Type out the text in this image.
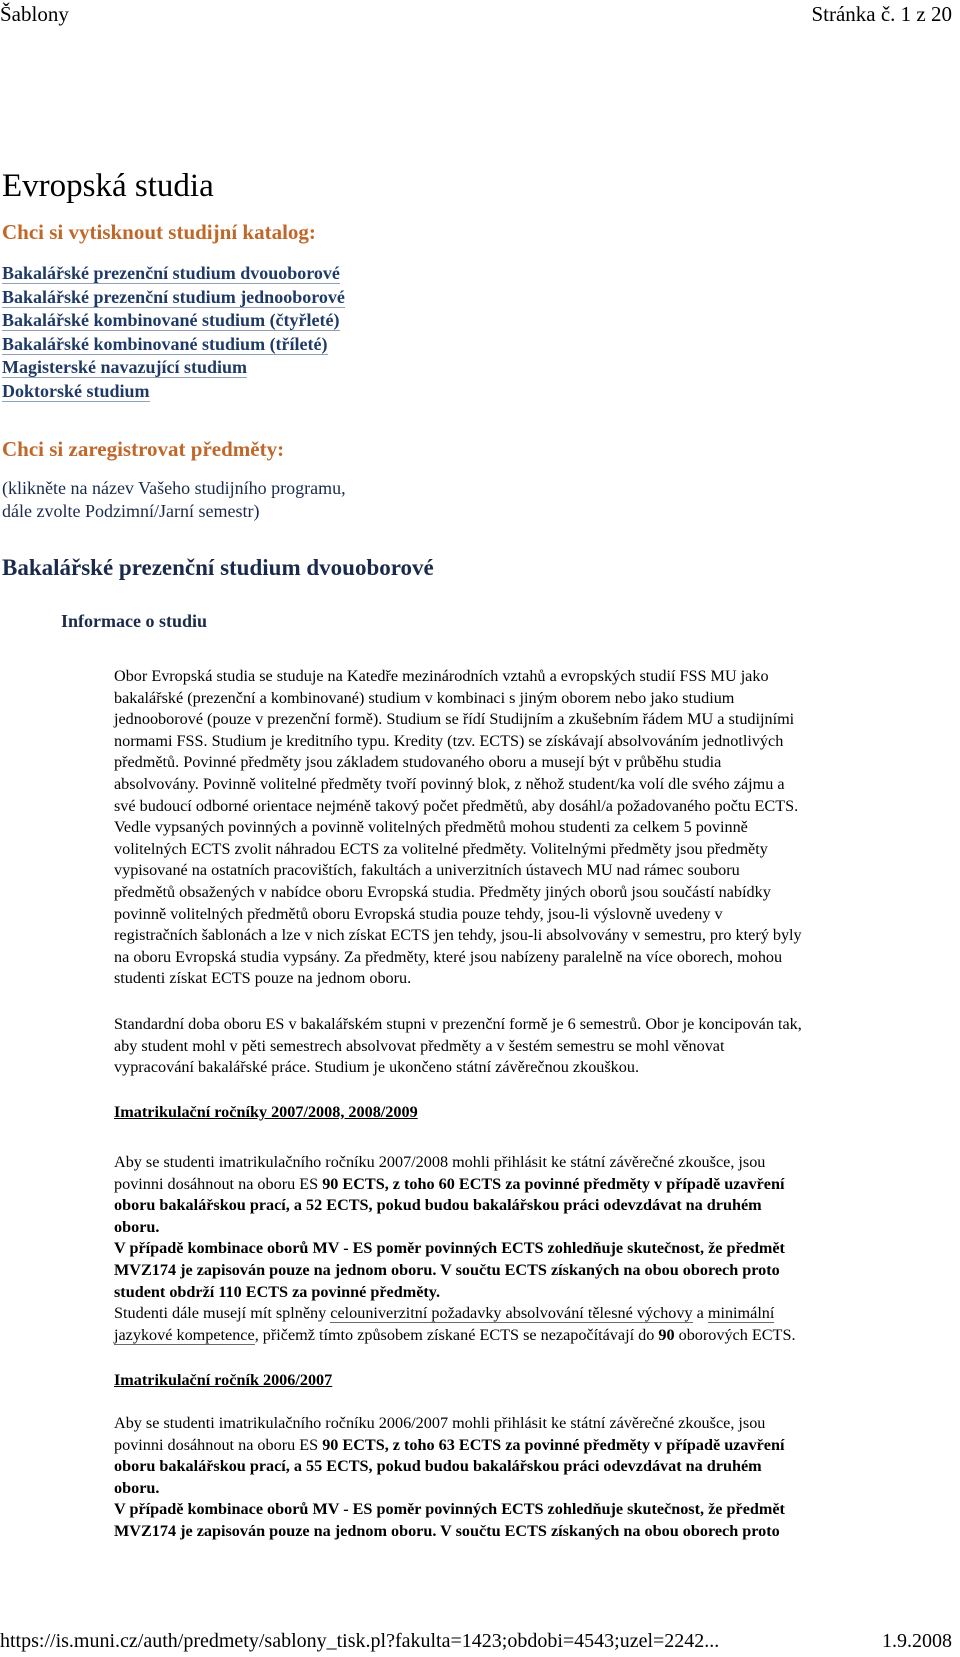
Šablony	Stránka č. 1 z 20
Evropská studia
Chci si vytisknout studijní katalog:
Bakalářské prezenční studium dvouoborové
Bakalářské prezenční studium jednooborové
Bakalářské kombinované studium (čtyřleté)
Bakalářské kombinované studium (tříleté)
Magisterské navazující studium
Doktorské studium
Chci si zaregistrovat předměty:
(klikněte na název Vašeho studijního programu,
dále zvolte Podzimní/Jarní semestr)
Bakalářské prezenční studium dvouoborové
Informace o studiu
Obor Evropská studia se studuje na Katedře mezinárodních vztahů a evropských studií FSS MU jako
bakalářské (prezenční a kombinované) studium v kombinaci s jiným oborem nebo jako studium
jednooborové (pouze v prezenční formě). Studium se řídí Studijním a zkušebním řádem MU a studijními
normami FSS. Studium je kreditního typu. Kredity (tzv. ECTS) se získávají absolvováním jednotlivých
předmětů. Povinné předměty jsou základem studovaného oboru a musejí být v průběhu studia
absolvovány. Povinně volitelné předměty tvoří povinný blok, z něhož student/ka volí dle svého zájmu a
své budoucí odborné orientace nejméně takový počet předmětů, aby dosáhl/a požadovaného počtu ECTS.
Vedle vypsaných povinných a povinně volitelných předmětů mohou studenti za celkem 5 povinně
volitelných ECTS zvolit náhradou ECTS za volitelné předměty. Volitelnými předměty jsou předměty
vypisované na ostatních pracovištích, fakultách a univerzitních ústavech MU nad rámec souboru
předmětů obsažených v nabídce oboru Evropská studia. Předměty jiných oborů jsou součástí nabídky
povinně volitelných předmětů oboru Evropská studia pouze tehdy, jsou-li výslovně uvedeny v
registračních šablonách a lze v nich získat ECTS jen tehdy, jsou-li absolvovány v semestru, pro který byly
na oboru Evropská studia vypsány. Za předměty, které jsou nabízeny paralelně na více oborech, mohou
studenti získat ECTS pouze na jednom oboru.
Standardní doba oboru ES v bakalářském stupni v prezenční formě je 6 semestrů. Obor je koncipován tak,
aby student mohl v pěti semestrech absolvovat předměty a v šestém semestru se mohl věnovat
vypracování bakalářské práce. Studium je ukončeno státní závěrečnou zkouškou.
Imatrikulační ročníky 2007/2008, 2008/2009
Aby se studenti imatrikulačního ročníku 2007/2008 mohli přihlásit ke státní závěrečné zkoušce, jsou
povinni dosáhnout na oboru ES 90 ECTS, z toho 60 ECTS za povinné předměty v případě uzavření
oboru bakalářskou prací, a 52 ECTS, pokud budou bakalářskou práci odevzdávat na druhém
oboru.
V případě kombinace oborů MV - ES poměr povinných ECTS zohledňuje skutečnost, že předmět
MVZ174 je zapisován pouze na jednom oboru. V součtu ECTS získaných na obou oborech proto
student obdrží 110 ECTS za povinné předměty.
Studenti dále musejí mít splněny celouniverzitní požadavky absolvování tělesné výchovy a minimální
jazykové kompetence, přičemž tímto způsobem získané ECTS se nezapočítávají do 90 oborových ECTS.
Imatrikulační ročník 2006/2007
Aby se studenti imatrikulačního ročníku 2006/2007 mohli přihlásit ke státní závěrečné zkoušce, jsou
povinni dosáhnout na oboru ES 90 ECTS, z toho 63 ECTS za povinné předměty v případě uzavření
oboru bakalářskou prací, a 55 ECTS, pokud budou bakalářskou práci odevzdávat na druhém
oboru.
V případě kombinace oborů MV - ES poměr povinných ECTS zohledňuje skutečnost, že předmět
MVZ174 je zapisován pouze na jednom oboru. V součtu ECTS získaných na obou oborech proto
https://is.muni.cz/auth/predmety/sablony_tisk.pl?fakulta=1423;obdobi=4543;uzel=2242...	1.9.2008
